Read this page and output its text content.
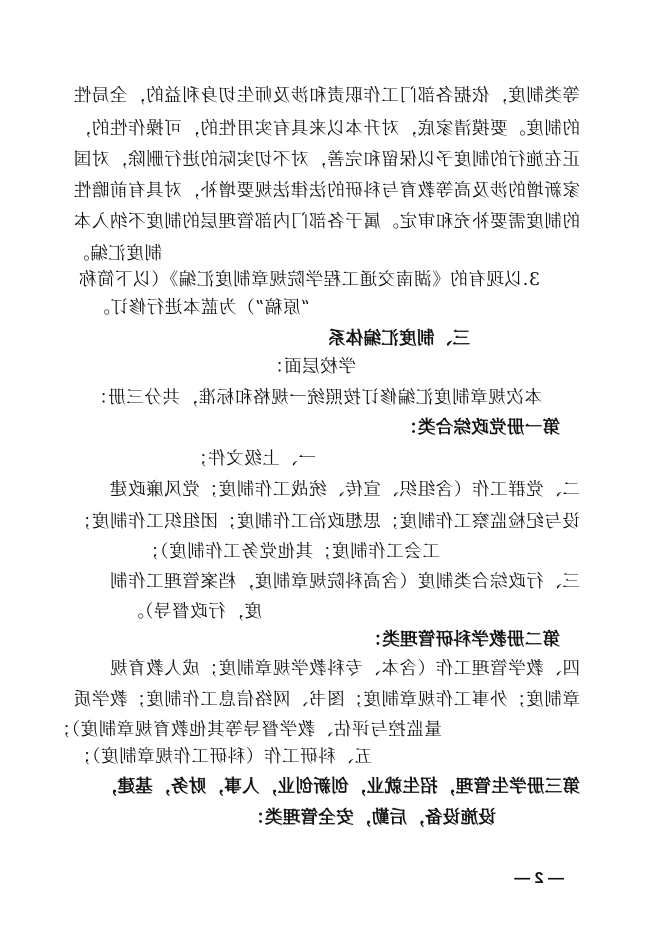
等类制度，依据各部门工作职责和涉及师生切身利益的，全局性
的制度。要摸清家底，对升本以来具有实用性的，可操作性的，
正在施行的制度予以保留和完善，对不切实际的进行删除，对国
家新增的涉及高等教育与科研的法律法规要增补，对具有前瞻性
的制度需要补充和审定。属于各部门内部管理层的制度不纳入本
制度汇编。
3.以现有的《湖南交通工程学院规章制度汇编》（以下简称
“原稿”）为蓝本进行修订。
三、制度汇编体系
学校层面：
本次规章制度汇编修订按照统一规格和标准，共分三册：
第一册党政综合类：
一、上级文件；
二、党群工作（含组织、宣传、统战工作制度；党风廉政建
设与纪检监察工作制度；思想政治工作制度；团组织工作制度；
工会工作制度；其他党务工作制度）；
三、行政综合类制度（含高科院规章制度，档案管理工作制
度，行政督导）。
第二册教学科研管理类：
四、教学管理工作（含本、专科教学规章制度；成人教育规
章制度；外事工作规章制度；图书、网络信息工作制度；教学质
量监控与评估、教学督导等其他教育规章制度）；
五、科研工作（科研工作规章制度）；
第三册学生管理，招生就业，创新创业，人事，财务，基建，
设施设备，后勤，安全管理类：
— 2 —
